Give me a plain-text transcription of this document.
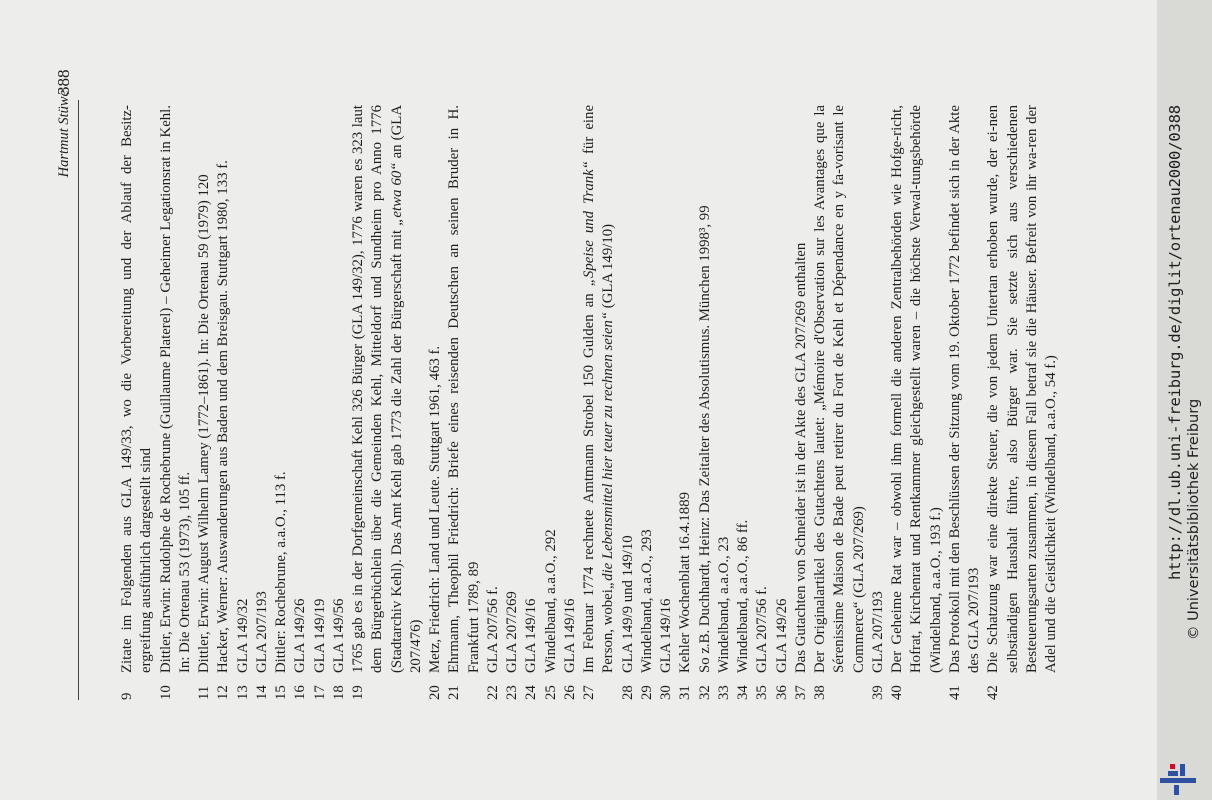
388
Hartmut Stüwe
9
Zitate im Folgenden aus GLA 149/33, wo die Vorbereitung und der Ablauf der Besitz-ergreifung ausführlich dargestellt sind
10
Dittler, Erwin: Rudolphe de Rochebrune (Guillaume Platerel) – Geheimer Legationsrat in Kehl. In: Die Ortenau 53 (1973), 105 ff.
11
Dittler, Erwin: August Wilhelm Lamey (1772–1861). In: Die Ortenau 59 (1979) 120
12
Hacker, Werner: Auswanderungen aus Baden und dem Breisgau. Stuttgart 1980, 133 f.
13
GLA 149/32
14
GLA 207/193
15
Dittler: Rochebrune, a.a.O., 113 f.
16
GLA 149/26
17
GLA 149/19
18
GLA 149/56
19
1765 gab es in der Dorfgemeinschaft Kehl 326 Bürger (GLA 149/32), 1776 waren es 323 laut dem Bürgerbüchlein über die Gemeinden Kehl, Mitteldorf und Sundheim pro Anno 1776 (Stadtarchiv Kehl). Das Amt Kehl gab 1773 die Zahl der Bürgerschaft mit „etwa 60“ an (GLA 207/476)
20
Metz, Friedrich: Land und Leute. Stuttgart 1961, 463 f.
21
Ehrmann, Theophil Friedrich: Briefe eines reisenden Deutschen an seinen Bruder in H. Frankfurt 1789, 89
22
GLA 207/56 f.
23
GLA 207/269
24
GLA 149/16
25
Windelband, a.a.O., 292
26
GLA 149/16
27
Im Februar 1774 rechnete Amtmann Strobel 150 Gulden an „Speise und Trank“ für eine Person, wobei„die Lebensmittel hier teuer zu rechnen seien“ (GLA 149/10)
28
GLA 149/9 und 149/10
29
Windelband, a.a.O., 293
30
GLA 149/16
31
Kehler Wochenblatt 16.4.1889
32
So z.B. Duchhardt, Heinz: Das Zeitalter des Absolutismus. München 1998³, 99
33
Windelband, a.a.O., 23
34
Windelband, a.a.O., 86 ff.
35
GLA 207/56 f.
36
GLA 149/26
37
Das Gutachten von Schneider ist in der Akte des GLA 207/269 enthalten
38
Der Originalartikel des Gutachtens lautet: „Mémoire d'Observation sur les Avantages que la Sérenissime Maison de Bade peut retirer du Fort de Kehl et Dépendance en y fa-vorisant le Commerce“ (GLA 207/269)
39
GLA 207/193
40
Der Geheime Rat war – obwohl ihm formell die anderen Zentralbehörden wie Hofge-richt, Hofrat, Kirchenrat und Rentkammer gleichgestellt waren – die höchste Verwal-tungsbehörde (Windelband, a.a.O., 193 f.)
41
Das Protokoll mit den Beschlüssen der Sitzung vom 19. Oktober 1772 befindet sich in der Akte des GLA 207/193
42
Die Schatzung war eine direkte Steuer, die von jedem Untertan erhoben wurde, der ei-nen selbständigen Haushalt führte, also Bürger war. Sie setzte sich aus verschiedenen Besteuerungsarten zusammen, in diesem Fall betraf sie die Häuser. Befreit von ihr wa-ren der Adel und die Geistlichkeit (Windelband, a.a.O., 54 f.)	http://dl.ub.uni-freiburg.de/diglit/ortenau2000/0388 © Universitätsbibliothek Freiburg
